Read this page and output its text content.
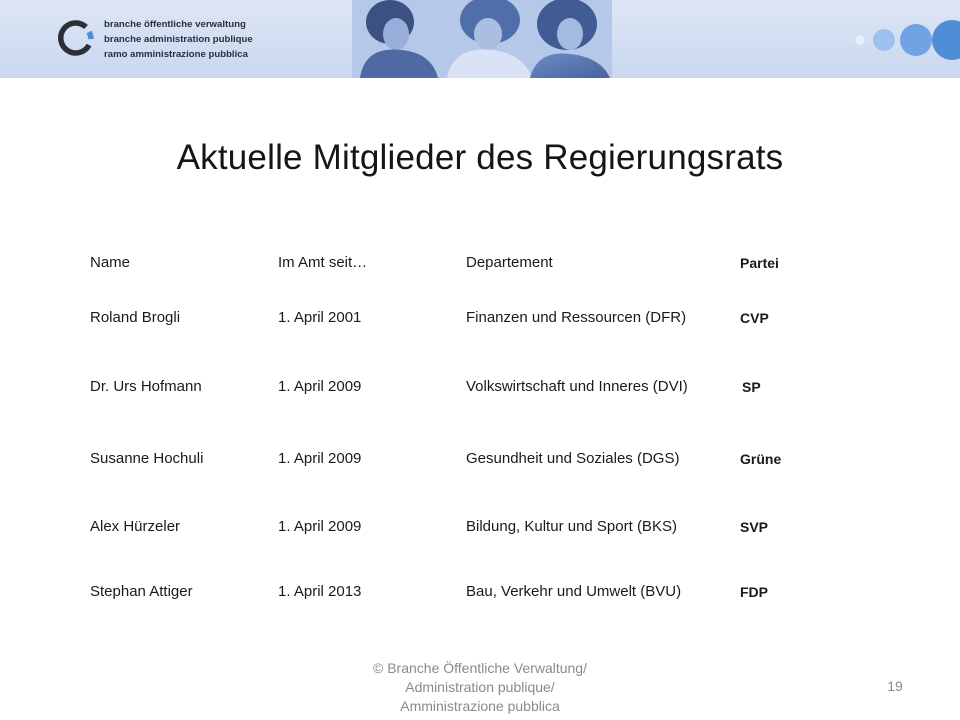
branche öffentliche verwaltung
branche administration publique
ramo amministrazione pubblica
Aktuelle Mitglieder des Regierungsrats
Name	Im Amt seit…	Departement	Partei
Roland Brogli	1. April 2001	Finanzen und Ressourcen (DFR)	CVP
Dr. Urs Hofmann	1. April 2009	Volkswirtschaft und Inneres (DVI)	SP
Susanne Hochuli	1. April 2009	Gesundheit und Soziales (DGS)	Grüne
Alex Hürzeler	1. April 2009	Bildung, Kultur und Sport (BKS)	SVP
Stephan Attiger	1. April 2013	Bau, Verkehr und Umwelt (BVU)	FDP
© Branche Öffentliche Verwaltung/
Administration publique/
Amministrazione pubblica
19
